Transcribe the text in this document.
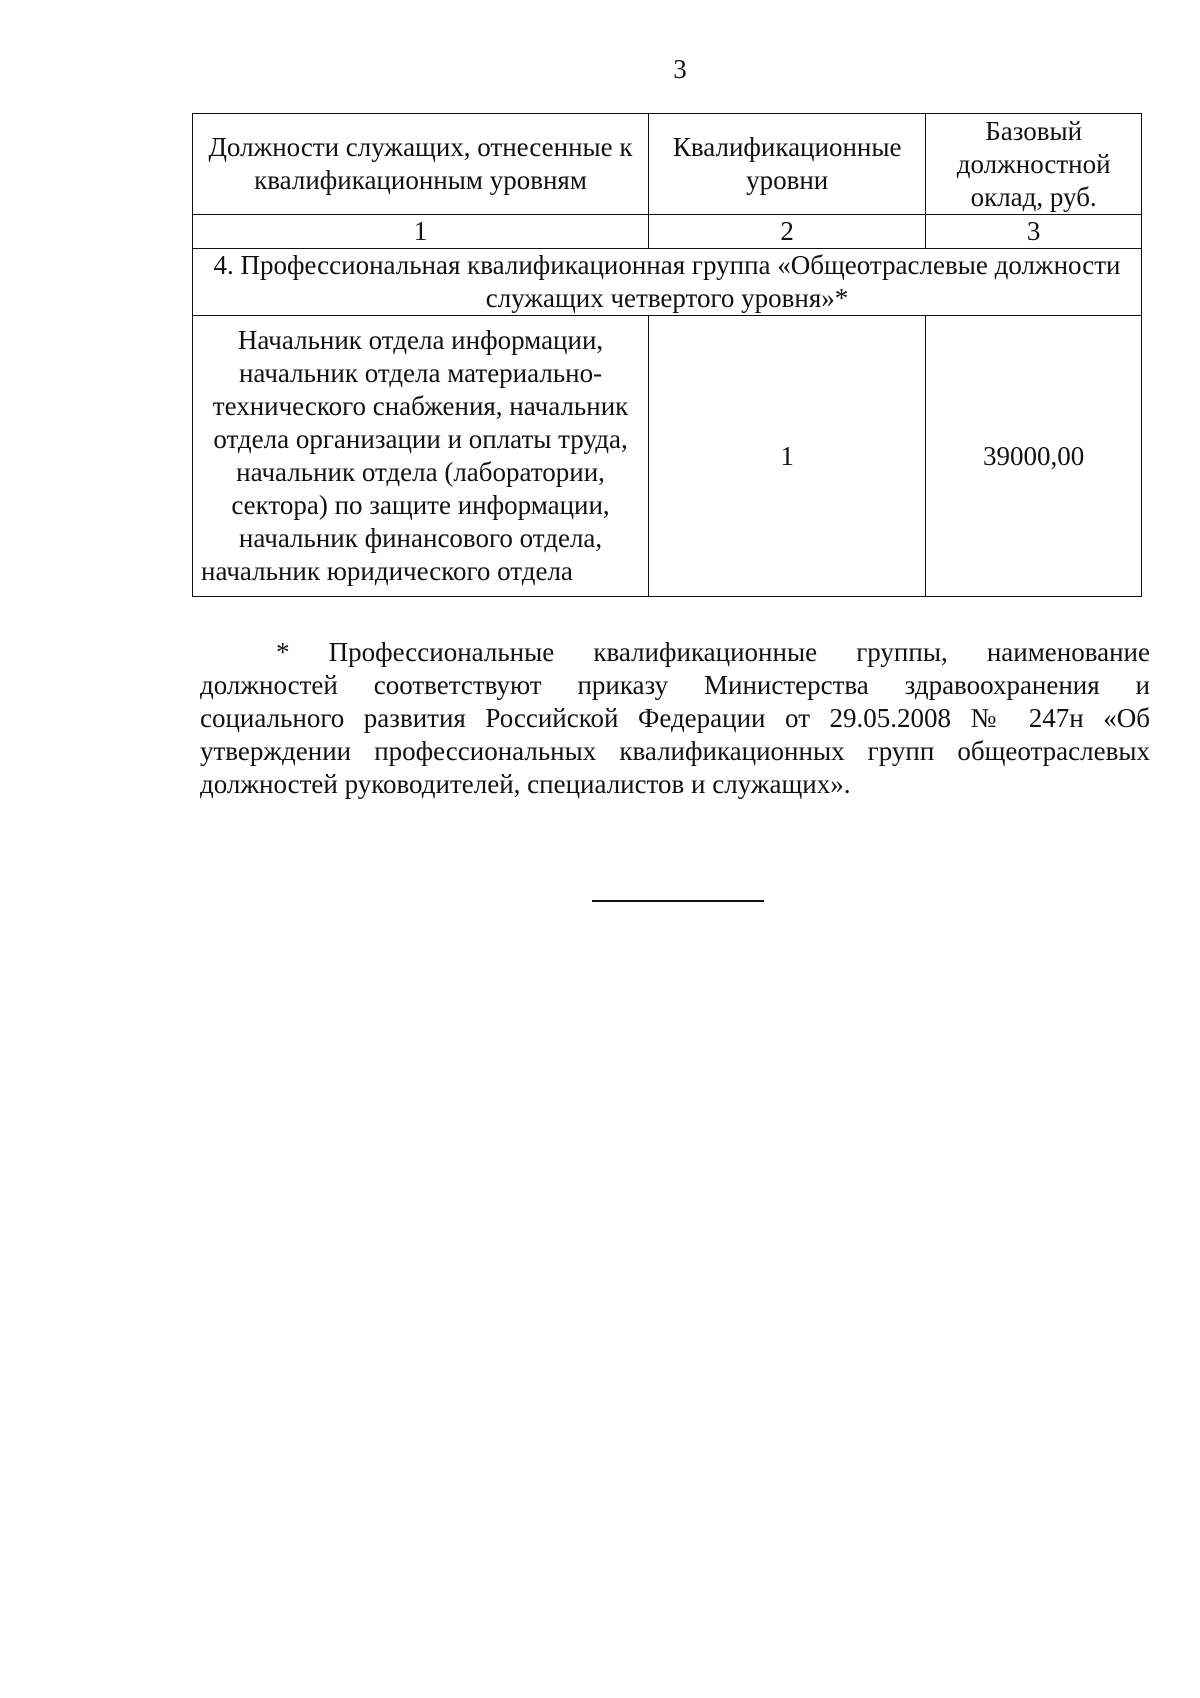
3
Должности служащих, отнесенные к квалификационным уровням	Квалификационные уровни	Базовый должностной оклад, руб.
1	2	3
4. Профессиональная квалификационная группа «Общеотраслевые должности служащих четвертого уровня»*		
Начальник отдела информации, начальник отдела материально-технического снабжения, начальник отдела организации и оплаты труда, начальник отдела (лаборатории, сектора) по защите информации, начальник финансового отдела, начальник юридического отдела	1	39000,00
* Профессиональные квалификационные группы, наименование должностей соответствуют приказу Министерства здравоохранения и социального развития Российской Федерации от 29.05.2008 № 247н «Об утверждении профессиональных квалификационных групп общеотраслевых должностей руководителей, специалистов и служащих».
